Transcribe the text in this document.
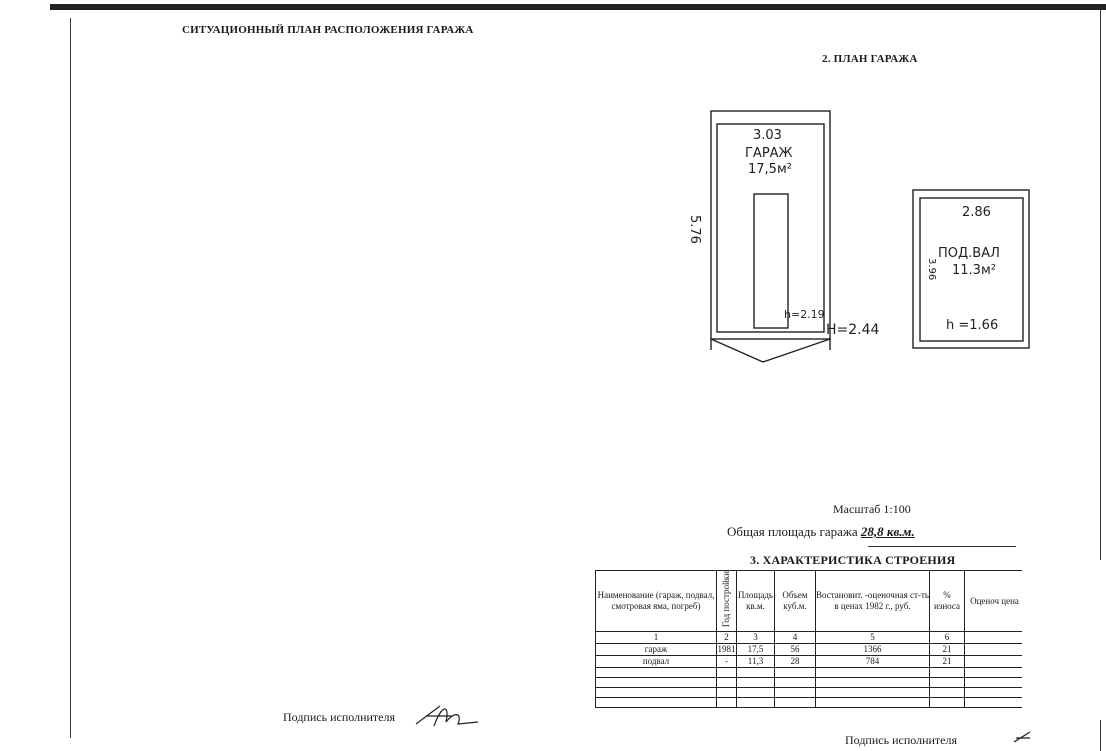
СИТУАЦИОННЫЙ ПЛАН РАСПОЛОЖЕНИЯ ГАРАЖА
2. ПЛАН ГАРАЖА
3.03
ГАРАЖ
17,5м²
5.76
h=2.19
H=2.44
2.86
ПОД.ВАЛ
11.3м²
3.96
h =1.66
Масштаб 1:100
Общая площадь гаража 28,8 кв.м.
3. ХАРАКТЕРИСТИКА СТРОЕНИЯ
Наименование (гараж, подвал, смотровая яма, погреб)	Год постройки	Площадь кв.м.	Объем куб.м.	Востановит. -оценочная ст-ть в ценах 1982 г., руб.	% износа	Оценоч цена
1	2	3	4	5	6	
гараж	1981	17,5	56	1366	21	
подвал	-	11,3	28	784	21	

Подпись исполнителя
Подпись исполнителя
